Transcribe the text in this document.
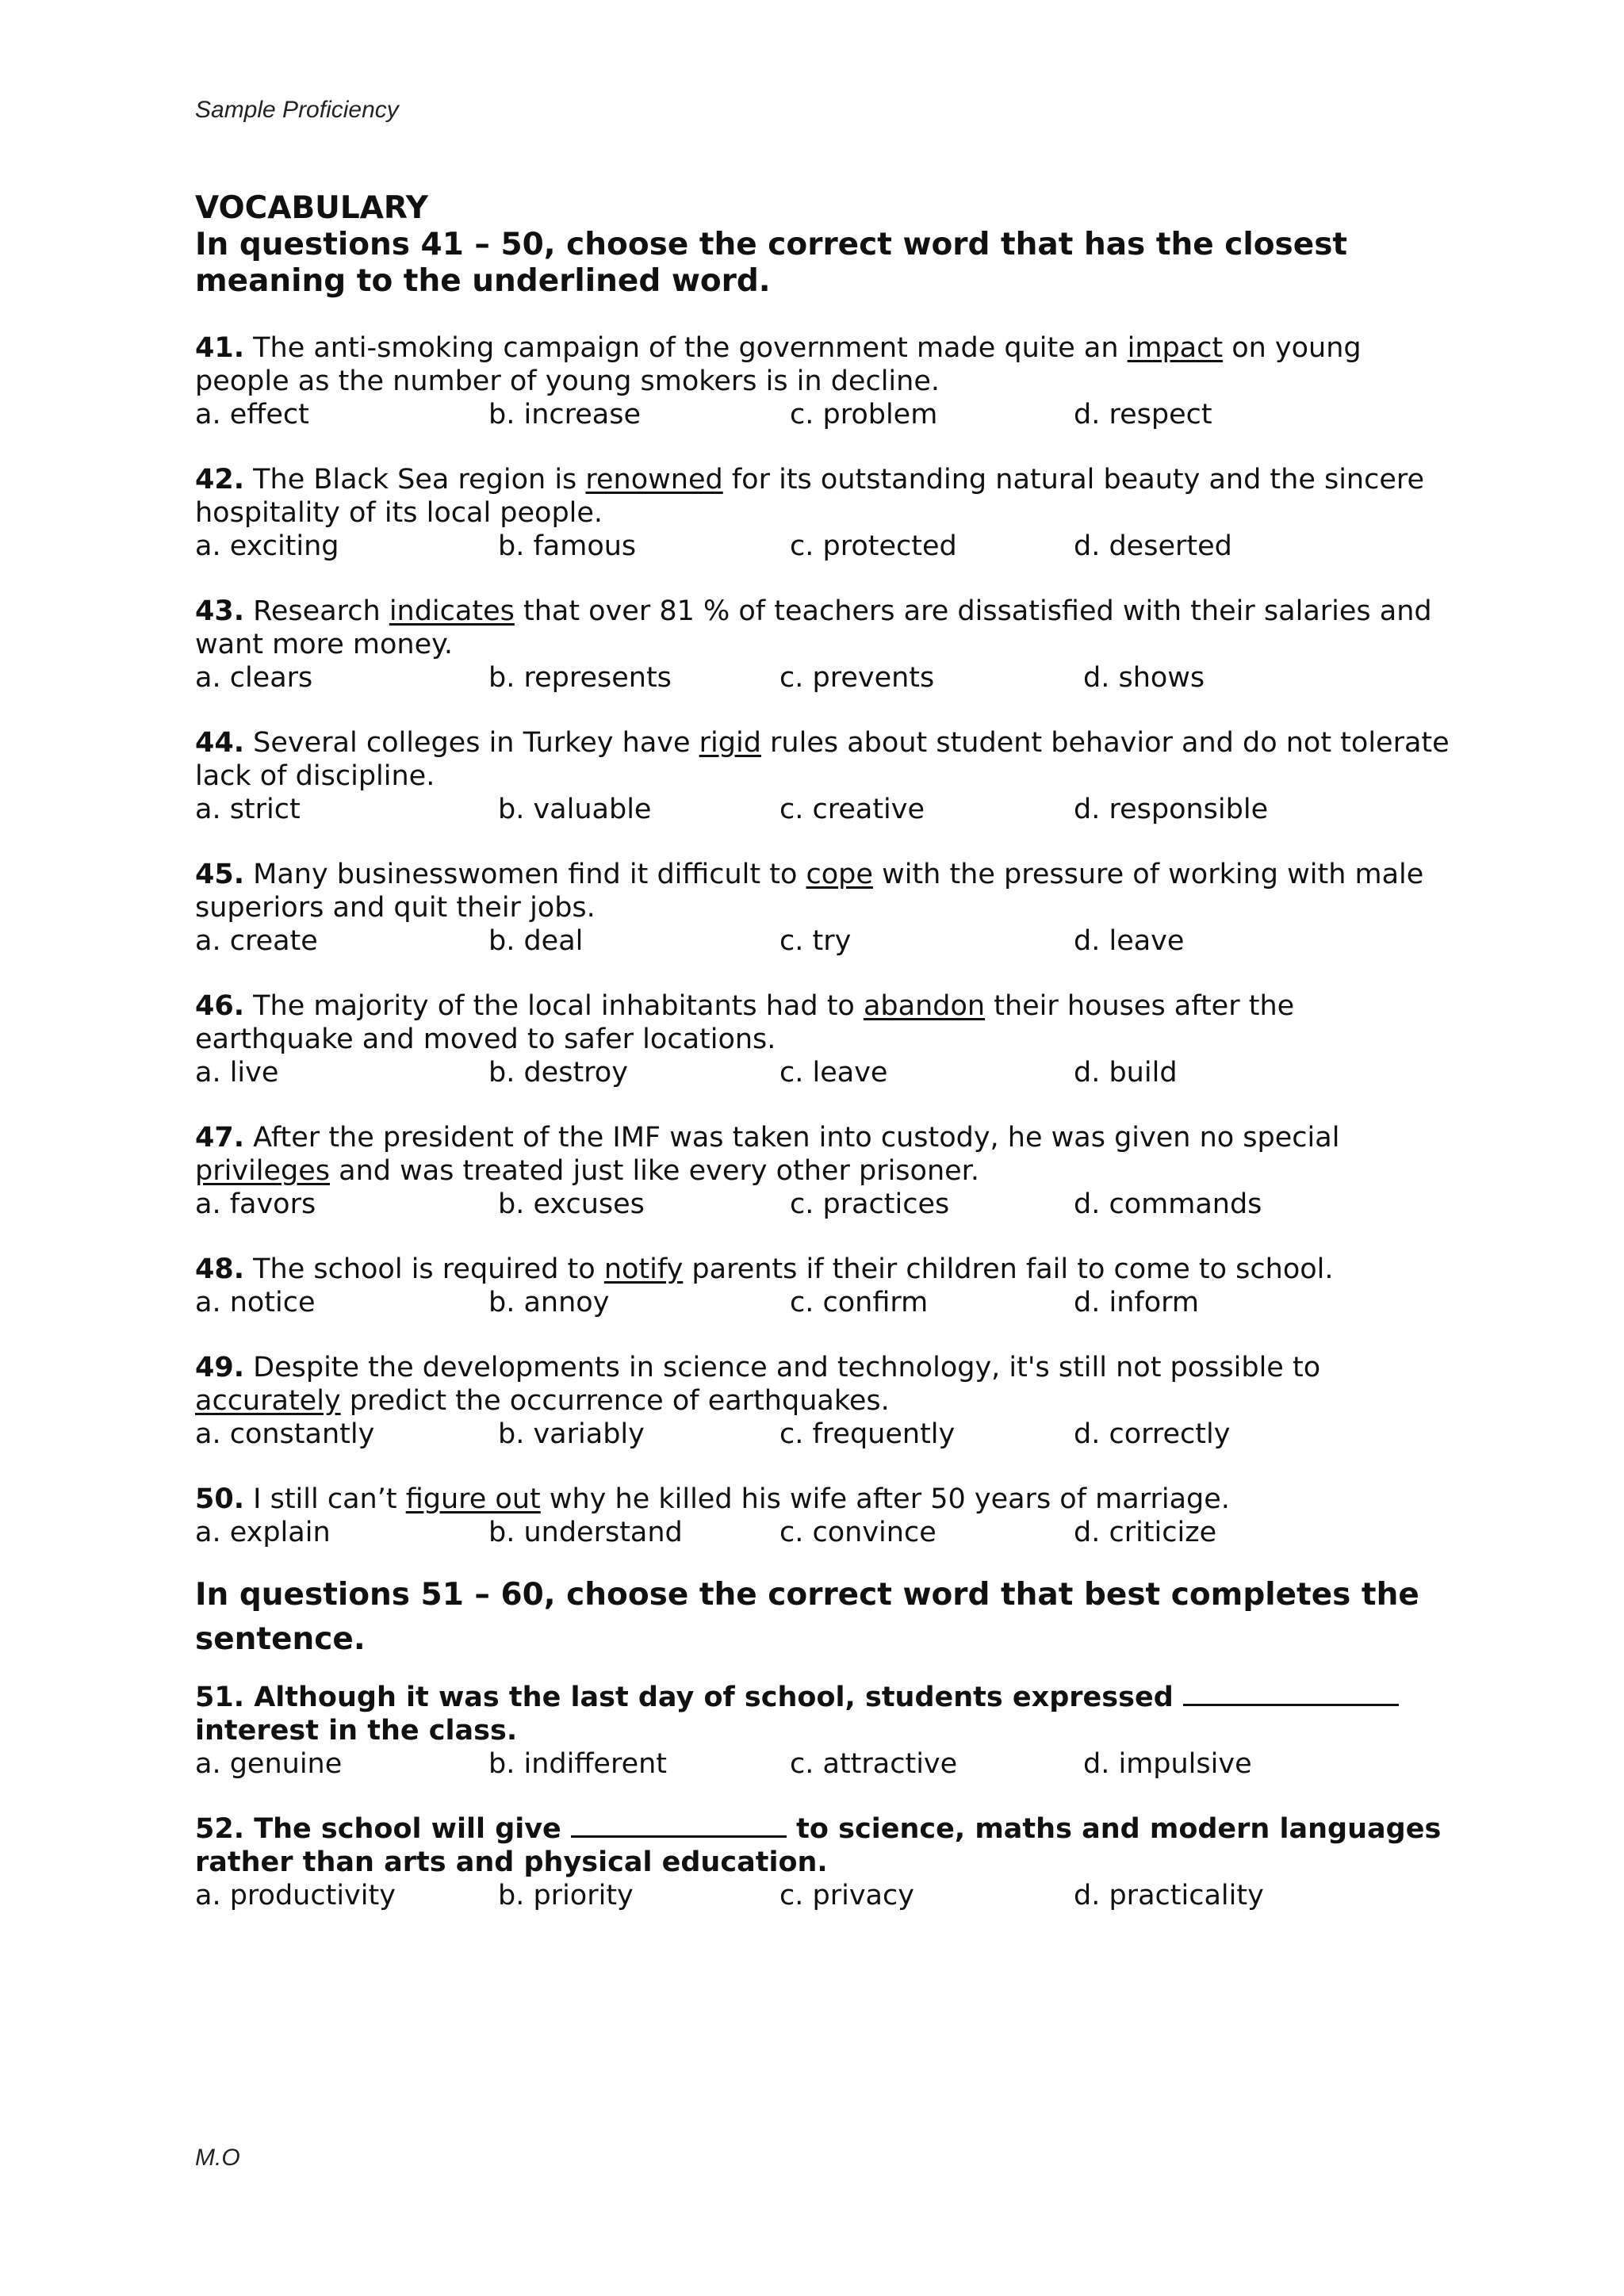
Sample Proficiency
VOCABULARY

In questions 41 – 50, choose the correct word that has the closest meaning to the underlined word.

41. The anti-smoking campaign of the government made quite an impact on young people as the number of young smokers is in decline.
a. effect	b. increase	c. problem	d. respect
42. The Black Sea region is renowned for its outstanding natural beauty and the sincere hospitality of its local people.
a. exciting	b. famous	c. protected	d. deserted
43. Research indicates that over 81 % of teachers are dissatisfied with their salaries and want more money.
a. clears	b. represents	c. prevents	d. shows
44. Several colleges in Turkey have rigid rules about student behavior and do not tolerate lack of discipline.
a. strict	b. valuable	c. creative	d. responsible
45. Many businesswomen find it difficult to cope with the pressure of working with male superiors and quit their jobs.
a. create	b. deal	c. try	d. leave
46. The majority of the local inhabitants had to abandon their houses after the earthquake and moved to safer locations.
a. live	b. destroy	c. leave	d. build
47. After the president of the IMF was taken into custody, he was given no special privileges and was treated just like every other prisoner.
a. favors	b. excuses	c. practices	d. commands
48. The school is required to notify parents if their children fail to come to school.
a. notice	b. annoy	c. confirm	d. inform
49. Despite the developments in science and technology, it's still not possible to accurately predict the occurrence of earthquakes.
a. constantly	b. variably	c. frequently	d. correctly
50. I still can’t figure out why he killed his wife after 50 years of marriage.
a. explain	b. understand	c. convince	d. criticize

In questions 51 – 60, choose the correct word that best completes the sentence.

51. Although it was the last day of school, students expressed  interest in the class.
a. genuine	b. indifferent	c. attractive	d. impulsive
52. The school will give	to science, maths and modern languages rather than arts and physical education.
a. productivity	b. priority	c. privacy	d. practicality
M.O
